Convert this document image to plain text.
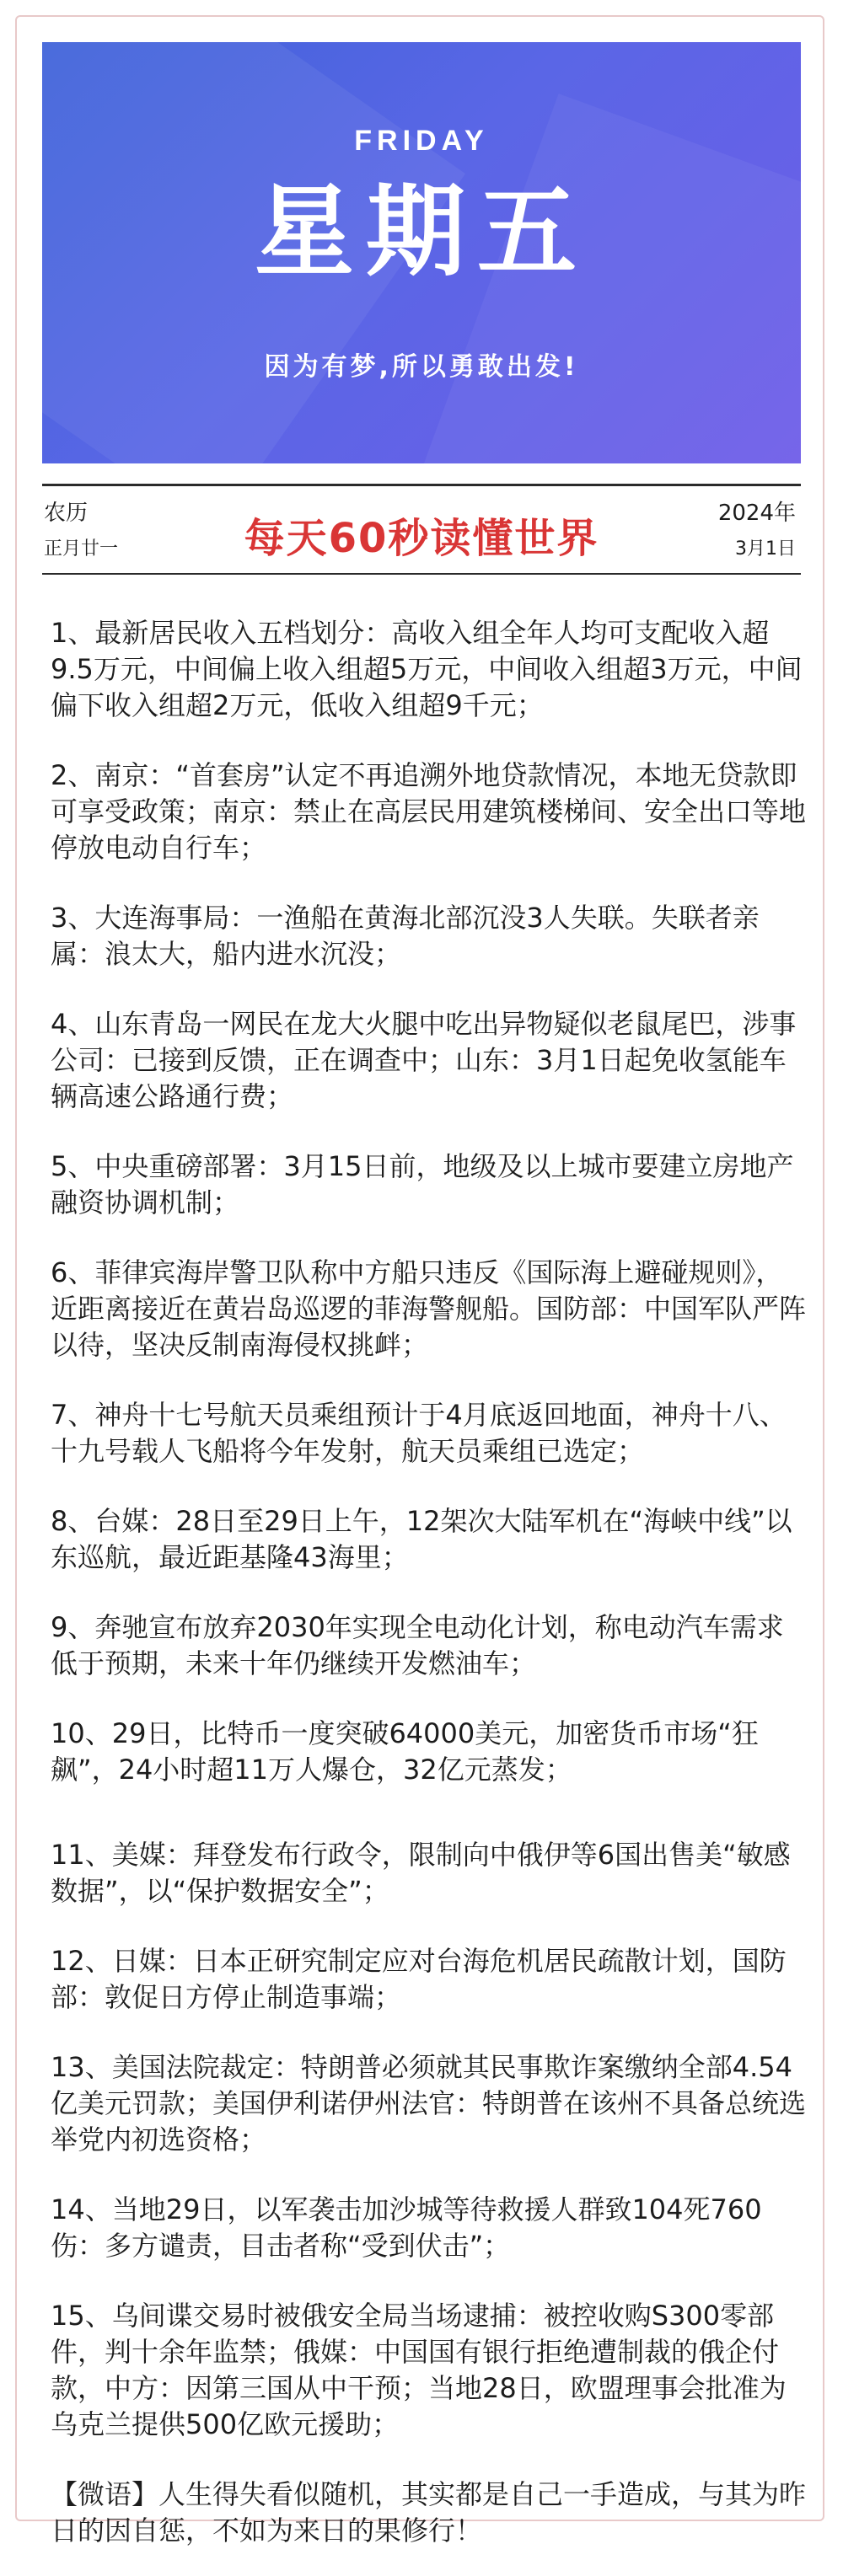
FRIDAY
星期五
因为有梦,所以勇敢出发!
农历
正月廿一	每天60秒读懂世界
2024年
3月1日

1、最新居民收入五档划分：高收入组全年人均可支配收入超9.5万元，中间偏上收入组超5万元，中间收入组超3万元，中间偏下收入组超2万元，低收入组超9千元；

2、南京：“首套房”认定不再追溯外地贷款情况，本地无贷款即可享受政策；南京：禁止在高层民用建筑楼梯间、安全出口等地停放电动自行车；

3、大连海事局：一渔船在黄海北部沉没3人失联。失联者亲属：浪太大，船内进水沉没；

4、山东青岛一网民在龙大火腿中吃出异物疑似老鼠尾巴，涉事公司：已接到反馈，正在调查中；山东：3月1日起免收氢能车辆高速公路通行费；

5、中央重磅部署：3月15日前，地级及以上城市要建立房地产融资协调机制；

6、菲律宾海岸警卫队称中方船只违反《国际海上避碰规则》，近距离接近在黄岩岛巡逻的菲海警舰船。国防部：中国军队严阵以待，坚决反制南海侵权挑衅；

7、神舟十七号航天员乘组预计于4月底返回地面，神舟十八、十九号载人飞船将今年发射，航天员乘组已选定；

8、台媒：28日至29日上午，12架次大陆军机在“海峡中线”以东巡航，最近距基隆43海里；

9、奔驰宣布放弃2030年实现全电动化计划，称电动汽车需求低于预期，未来十年仍继续开发燃油车；

10、29日，比特币一度突破64000美元，加密货币市场“狂飙”，24小时超11万人爆仓，32亿元蒸发；

11、美媒：拜登发布行政令，限制向中俄伊等6国出售美“敏感数据”，以“保护数据安全”；

12、日媒：日本正研究制定应对台海危机居民疏散计划，国防部：敦促日方停止制造事端；

13、美国法院裁定：特朗普必须就其民事欺诈案缴纳全部4.54亿美元罚款；美国伊利诺伊州法官：特朗普在该州不具备总统选举党内初选资格；

14、当地29日，以军袭击加沙城等待救援人群致104死760伤：多方谴责，目击者称“受到伏击”；

15、乌间谍交易时被俄安全局当场逮捕：被控收购S300零部件，判十余年监禁；俄媒：中国国有银行拒绝遭制裁的俄企付款，中方：因第三国从中干预；当地28日，欧盟理事会批准为乌克兰提供500亿欧元援助；

【微语】人生得失看似随机，其实都是自己一手造成，与其为昨日的因自惩，不如为来日的果修行！
